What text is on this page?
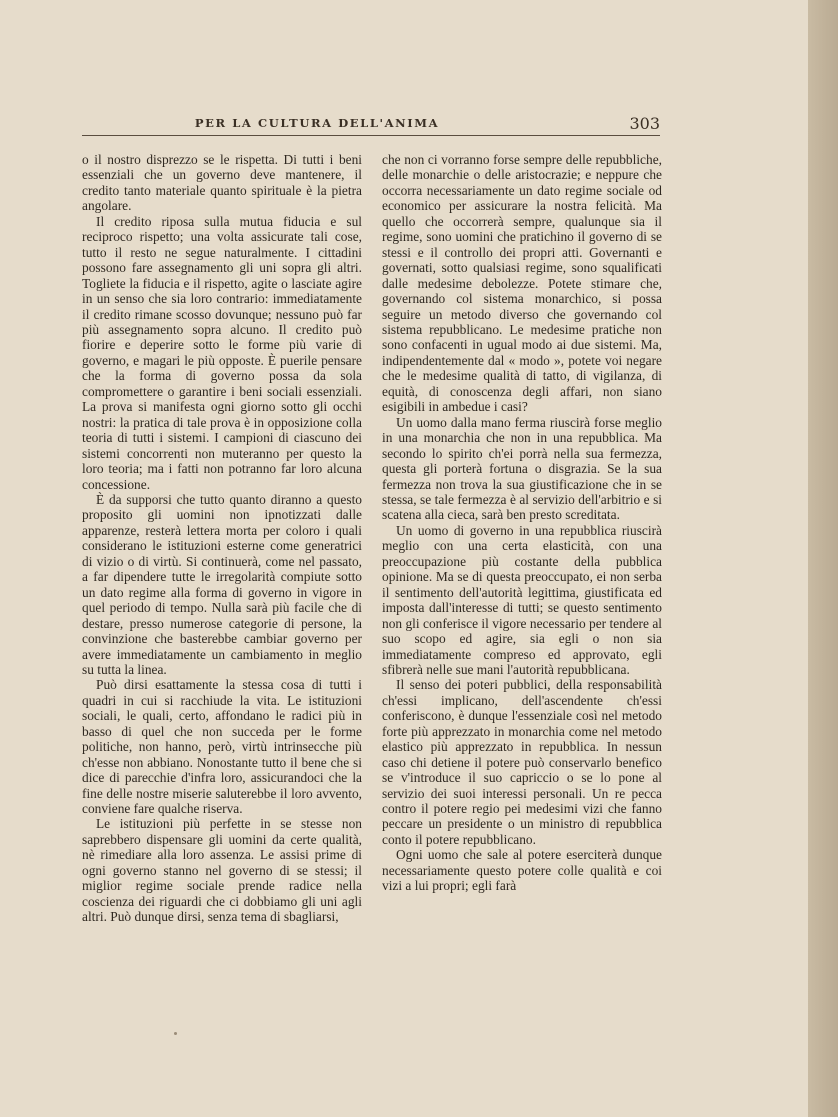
PER LA CULTURA DELL'ANIMA	303

o il nostro disprezzo se le rispetta. Di tutti i beni essenziali che un governo deve mantenere, il credito tanto materiale quanto spirituale è la pietra angolare.

Il credito riposa sulla mutua fiducia e sul reciproco rispetto; una volta assicurate tali cose, tutto il resto ne segue naturalmente. I cittadini possono fare assegnamento gli uni sopra gli altri. Togliete la fiducia e il rispetto, agite o lasciate agire in un senso che sia loro contrario: immediatamente il credito rimane scosso dovunque; nessuno può far più assegnamento sopra alcuno. Il credito può fiorire e deperire sotto le forme più varie di governo, e magari le più opposte. È puerile pensare che la forma di governo possa da sola compromettere o garantire i beni sociali essenziali. La prova si manifesta ogni giorno sotto gli occhi nostri: la pratica di tale prova è in opposizione colla teoria di tutti i sistemi. I campioni di ciascuno dei sistemi concorrenti non muteranno per questo la loro teoria; ma i fatti non potranno far loro alcuna concessione.

È da supporsi che tutto quanto diranno a questo proposito gli uomini non ipnotizzati dalle apparenze, resterà lettera morta per coloro i quali considerano le istituzioni esterne come generatrici di vizio o di virtù. Si continuerà, come nel passato, a far dipendere tutte le irregolarità compiute sotto un dato regime alla forma di governo in vigore in quel periodo di tempo. Nulla sarà più facile che di destare, presso numerose categorie di persone, la convinzione che basterebbe cambiar governo per avere immediatamente un cambiamento in meglio su tutta la linea.

Può dirsi esattamente la stessa cosa di tutti i quadri in cui si racchiude la vita. Le istituzioni sociali, le quali, certo, affondano le radici più in basso di quel che non succeda per le forme politiche, non hanno, però, virtù intrinsecche più ch'esse non abbiano. Nonostante tutto il bene che si dice di parecchie d'infra loro, assicurandoci che la fine delle nostre miserie saluterebbe il loro avvento, conviene fare qualche riserva.

Le istituzioni più perfette in se stesse non saprebbero dispensare gli uomini da certe qualità, nè rimediare alla loro assenza. Le assisi prime di ogni governo stanno nel governo di se stessi; il miglior regime sociale prende radice nella coscienza dei riguardi che ci dobbiamo gli uni agli altri. Può dunque dirsi, senza tema di sbagliarsi,

che non ci vorranno forse sempre delle repubbliche, delle monarchie o delle aristocrazie; e neppure che occorra necessariamente un dato regime sociale od economico per assicurare la nostra felicità. Ma quello che occorrerà sempre, qualunque sia il regime, sono uomini che pratichino il governo di se stessi e il controllo dei propri atti. Governanti e governati, sotto qualsiasi regime, sono squalificati dalle medesime debolezze. Potete stimare che, governando col sistema monarchico, si possa seguire un metodo diverso che governando col sistema repubblicano. Le medesime pratiche non sono confacenti in ugual modo ai due sistemi. Ma, indipendentemente dal « modo », potete voi negare che le medesime qualità di tatto, di vigilanza, di equità, di conoscenza degli affari, non siano esigibili in ambedue i casi?

Un uomo dalla mano ferma riuscirà forse meglio in una monarchia che non in una repubblica. Ma secondo lo spirito ch'ei porrà nella sua fermezza, questa gli porterà fortuna o disgrazia. Se la sua fermezza non trova la sua giustificazione che in se stessa, se tale fermezza è al servizio dell'arbitrio e si scatena alla cieca, sarà ben presto screditata.

Un uomo di governo in una repubblica riuscirà meglio con una certa elasticità, con una preoccupazione più costante della pubblica opinione. Ma se di questa preoccupato, ei non serba il sentimento dell'autorità legittima, giustificata ed imposta dall'interesse di tutti; se questo sentimento non gli conferisce il vigore necessario per tendere al suo scopo ed agire, sia egli o non sia immediatamente compreso ed approvato, egli sfibrerà nelle sue mani l'autorità repubblicana.

Il senso dei poteri pubblici, della responsabilità ch'essi implicano, dell'ascendente ch'essi conferiscono, è dunque l'essenziale così nel metodo forte più apprezzato in monarchia come nel metodo elastico più apprezzato in repubblica. In nessun caso chi detiene il potere può conservarlo benefico se v'introduce il suo capriccio o se lo pone al servizio dei suoi interessi personali. Un re pecca contro il potere regio pei medesimi vizi che fanno peccare un presidente o un ministro di repubblica conto il potere repubblicano.

Ogni uomo che sale al potere eserciterà dunque necessariamente questo potere colle qualità e coi vizi a lui propri; egli farà
